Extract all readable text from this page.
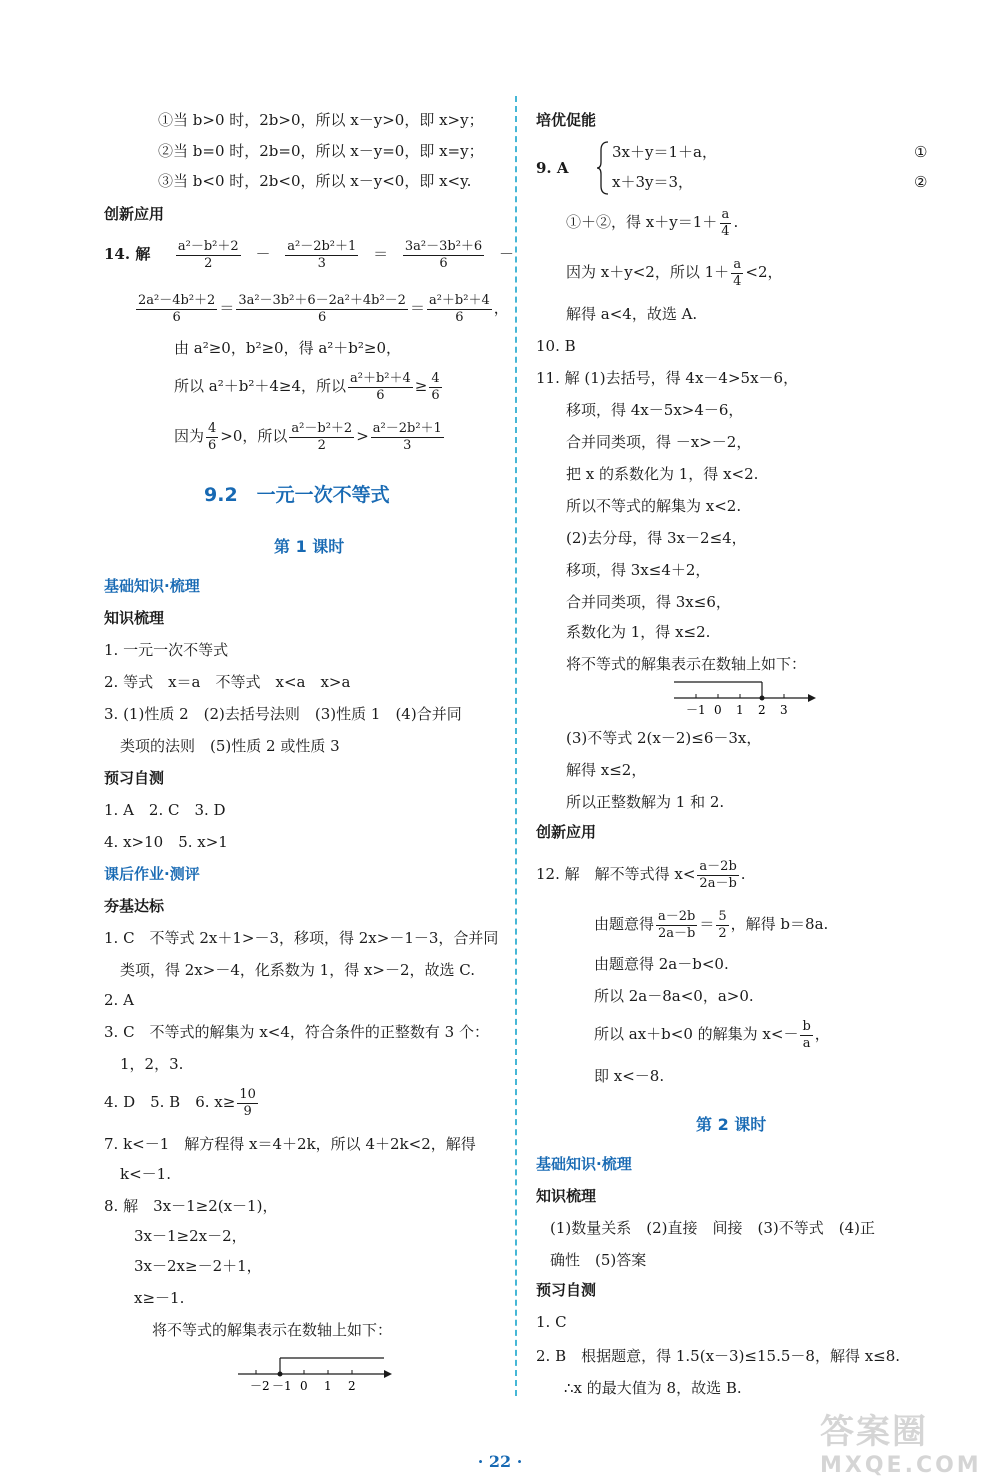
①当 b>0 时，2b>0，所以 x－y>0，即 x>y；
②当 b=0 时，2b=0，所以 x－y=0，即 x=y；
③当 b<0 时，2b<0，所以 x－y<0，即 x<y.
创新应用
14. 解 $\frac{\text{a²－b²＋2}}{2} - \frac{\text{a²－2b²＋1}}{3} = \frac{\text{3a²－3b²＋6}}{6}$ －
$\frac{\text{2a²－4b²＋2}}{6} = \frac{\text{3a²－3b²＋6－2a²＋4b²－2}}{6} = \frac{\text{a²＋b²＋4}}{6}$ ，
由 a²≥0，b²≥0，得 a²＋b²≥0，
所以 a²＋b²＋4≥4，所以 $\frac{\text{a²＋b²＋4}}{6} \ge \frac{4}{6}$
因为 $\frac{4}{6} >0$，所以 $\frac{\text{a²－b²＋2}}{2} > \frac{\text{a²－2b²＋1}}{3}$
9.2　一元一次不等式
第 1 课时
基础知识·梳理
知识梳理
1. 一元一次不等式
2. 等式　x＝a　不等式　x<a　x>a
3. (1)性质 2　(2)去括号法则　(3)性质 1　(4)合并同
类项的法则　(5)性质 2 或性质 3
预习自测
1. A　2. C　3. D
4. x>10　5. x>1
课后作业·测评
夯基达标
1. C　不等式 2x＋1>－3，移项，得 2x>－1－3，合并同
类项，得 2x>－4，化系数为 1，得 x>－2，故选 C.
2. A
3. C　不等式的解集为 x<4，符合条件的正整数有 3 个：
1，2，3.
4. D　5. B　6. $x\ge \frac{10}{9}$
7. k<－1　解方程得 x＝4＋2k，所以 4＋2k<2，解得
k<－1.
8. 解　3x－1≥2(x－1)，
3x－1≥2x－2，
3x－2x≥－2＋1，
x≥－1.
将不等式的解集表示在数轴上如下：
－2 －1 0 1 2
培优促能
9. A
3x＋y＝1＋a，
x＋3y＝3，
①
②
①＋②，得 $x+y=1+ \frac{a}{4}$ .
因为 x＋y<2，所以 $1+ \frac{a}{4} <2$，
解得 a<4，故选 A.
10. B
11. 解 (1)去括号，得 4x－4>5x－6，
移项，得 4x－5x>4－6，
合并同类项，得 －x>－2，
把 x 的系数化为 1，得 x<2.
所以不等式的解集为 x<2.
(2)去分母，得 3x－2≤4，
移项，得 3x≤4＋2，
合并同类项，得 3x≤6，
系数化为 1，得 x≤2.
将不等式的解集表示在数轴上如下：
－1 0 1 2 3
(3)不等式 2(x－2)≤6－3x，
解得 x≤2，
所以正整数解为 1 和 2.
创新应用
12. 解　解不等式得 $x< \frac{a-2b}{2a-b}$ .
由题意得 $\frac{a-2b}{2a-b} = \frac{5}{2}$ ，解得 b＝8a.
由题意得 2a－b<0.
所以 2a－8a<0，a>0.
所以 ax＋b<0 的解集为 $x<- \frac{b}{a}$ ，
即 x<－8.
第 2 课时
基础知识·梳理
知识梳理
(1)数量关系　(2)直接　间接　(3)不等式　(4)正
确性　(5)答案
预习自测
1. C
2. B　根据题意，得 1.5(x－3)≤15.5－8，解得 x≤8.
∴x 的最大值为 8，故选 B.
· 22 ·
答案圈
MXQE.COM
